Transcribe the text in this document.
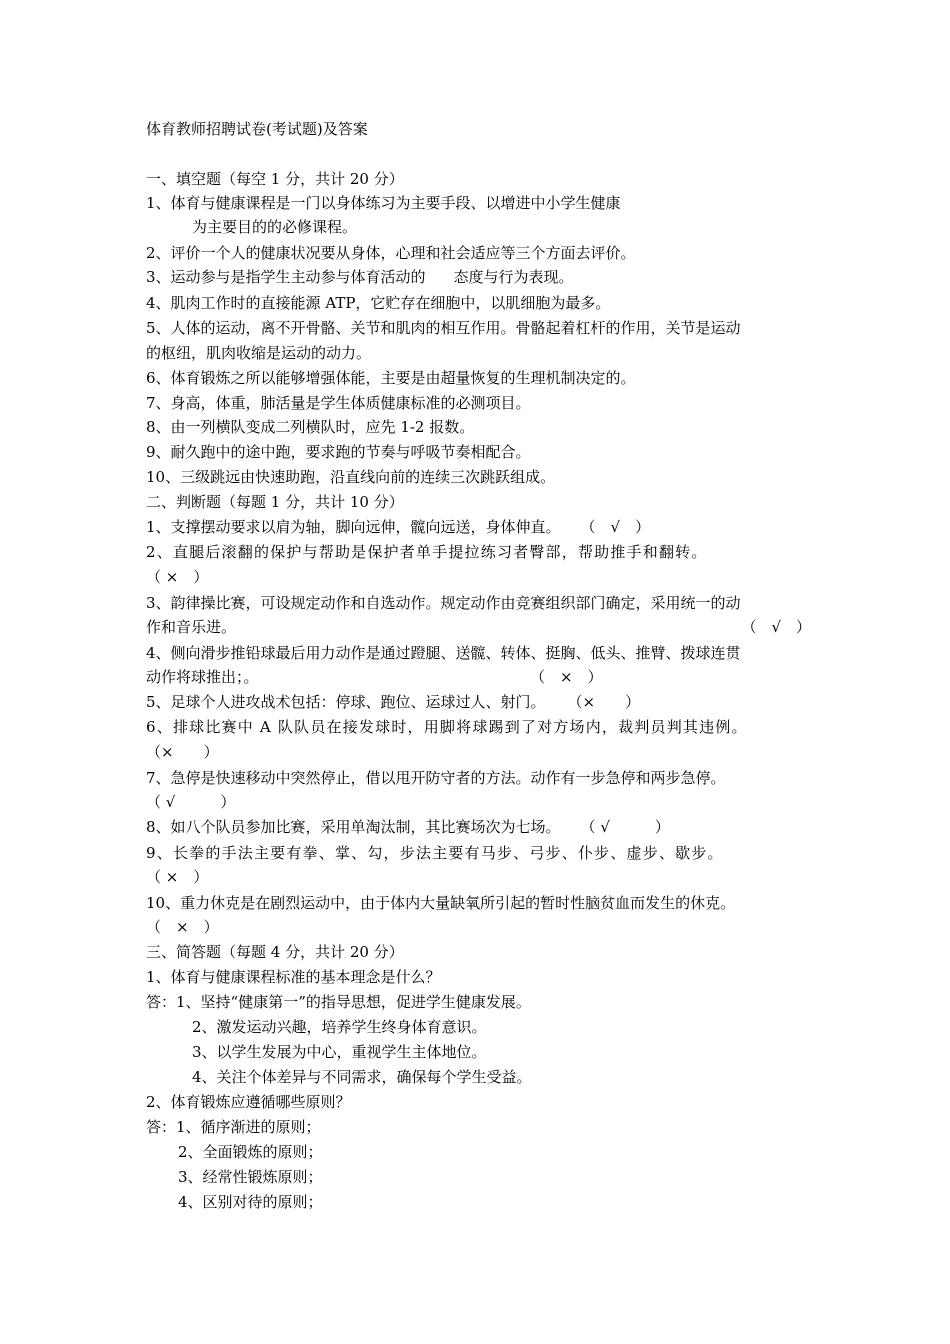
体育教师招聘试卷(考试题)及答案
一、填空题（每空 1 分，共计 20 分）
1、体育与健康课程是一门以身体练习为主要手段、以增进中小学生健康
为主要目的的必修课程。
2、评价一个人的健康状况要从身体，心理和社会适应等三个方面去评价。
3、运动参与是指学生主动参与体育活动的 态度与行为表现。
4、肌肉工作时的直接能源 ATP，它贮存在细胞中，以肌细胞为最多。
5、人体的运动，离不开骨骼、关节和肌肉的相互作用。骨骼起着杠杆的作用，关节是运动
的枢纽，肌肉收缩是运动的动力。
6、体育锻炼之所以能够增强体能，主要是由超量恢复的生理机制决定的。
7、身高，体重，肺活量是学生体质健康标准的必测项目。
8、由一列横队变成二列横队时，应先 1-2 报数。
9、耐久跑中的途中跑，要求跑的节奏与呼吸节奏相配合。
10、三级跳远由快速助跑，沿直线向前的连续三次跳跃组成。
二、判断题（每题 1 分，共计 10 分）
1、支撑摆动要求以肩为轴，脚向远伸，髋向远送，身体伸直。 （　√　）
2、直腿后滚翻的保护与帮助是保护者单手提拉练习者臀部，帮助推手和翻转。
（ ×　）
3、韵律操比赛，可设规定动作和自选动作。规定动作由竞赛组织部门确定，采用统一的动
作和音乐进。	（　√　）
4、侧向滑步推铅球最后用力动作是通过蹬腿、送髋、转体、挺胸、低头、推臂、拨球连贯
动作将球推出；。	（　×　）
5、足球个人进攻战术包括：停球、跑位、运球过人、射门。 （×　　）
6、排球比赛中 A 队队员在接发球时，用脚将球踢到了对方场内，裁判员判其违例。
（×　　）
7、急停是快速移动中突然停止，借以甩开防守者的方法。动作有一步急停和两步急停。
（ √　　　）
8、如八个队员参加比赛，采用单淘汰制，其比赛场次为七场。 （ √　　　）
9、长拳的手法主要有拳、掌、勾，步法主要有马步、弓步、仆步、虚步、歇步。
（ ×　）
10、重力休克是在剧烈运动中，由于体内大量缺氧所引起的暂时性脑贫血而发生的休克。
（　×　）
三、简答题（每题 4 分，共计 20 分）
1、体育与健康课程标准的基本理念是什么？
答：1、坚持“健康第一”的指导思想，促进学生健康发展。
2、激发运动兴趣，培养学生终身体育意识。
3、以学生发展为中心，重视学生主体地位。
4、关注个体差异与不同需求，确保每个学生受益。
2、体育锻炼应遵循哪些原则？
答：1、循序渐进的原则；
2、全面锻炼的原则；
3、经常性锻炼原则；
4、区别对待的原则；
